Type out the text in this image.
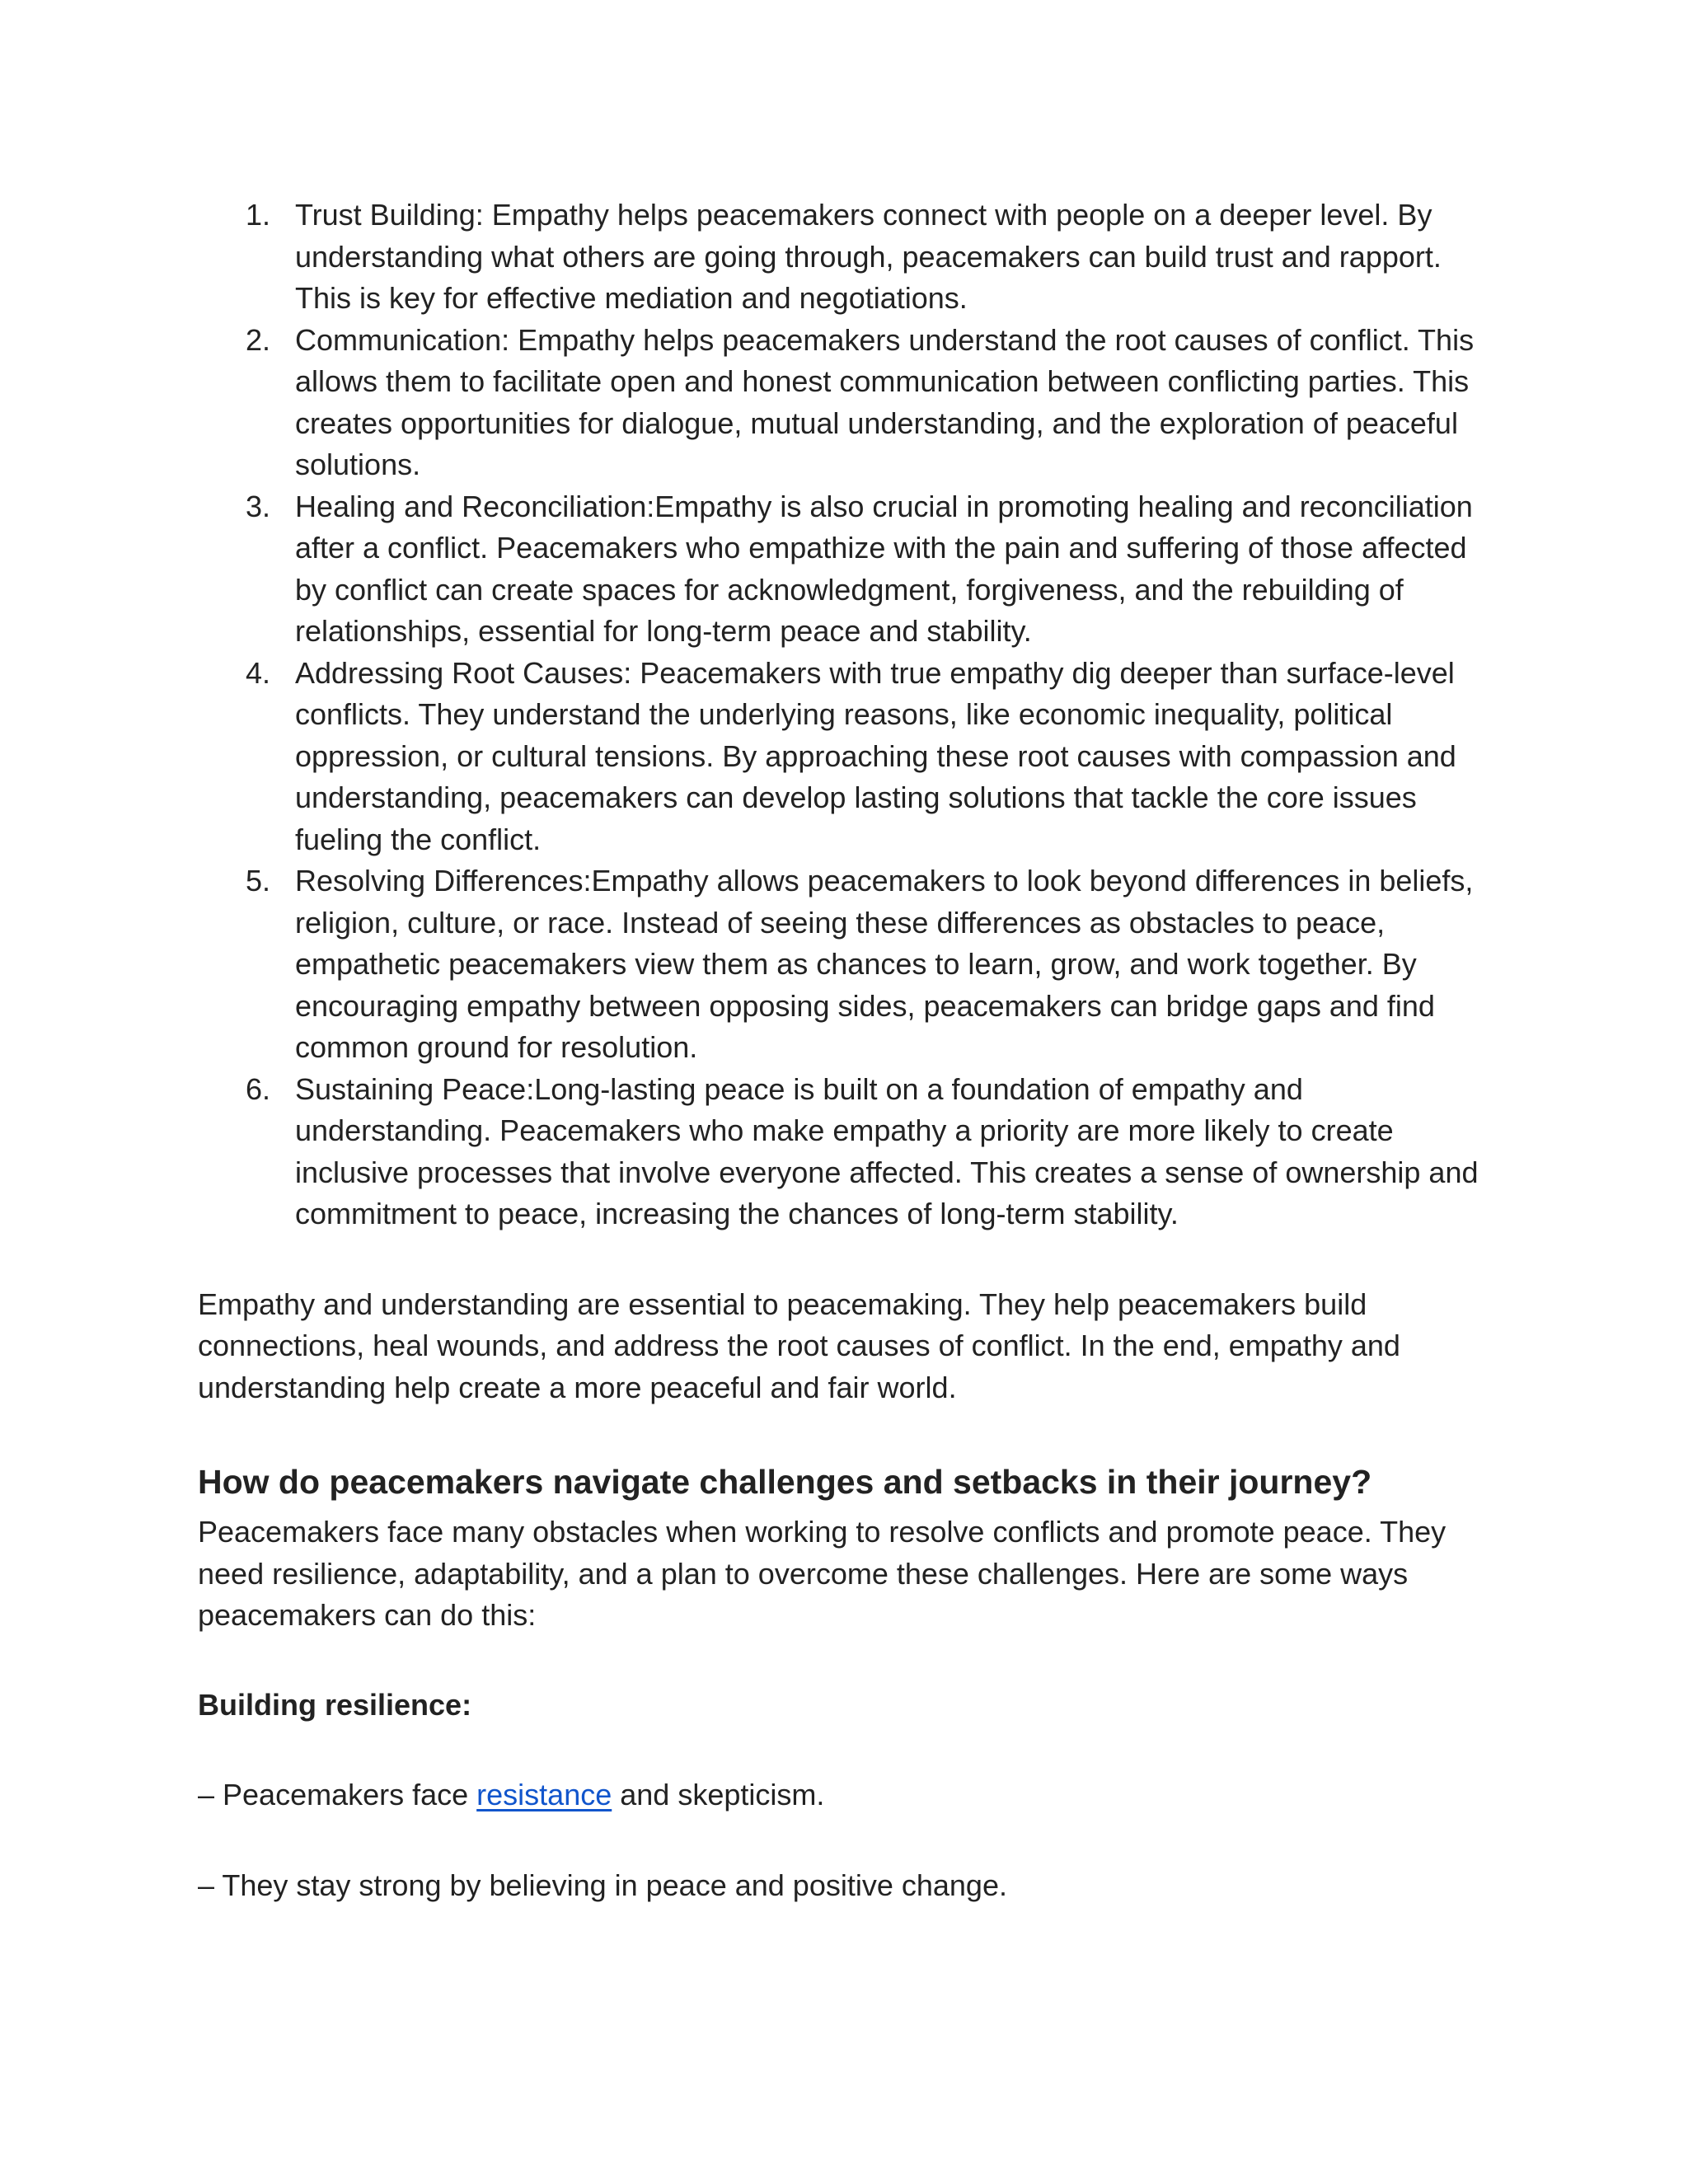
1. Trust Building: Empathy helps peacemakers connect with people on a deeper level. By understanding what others are going through, peacemakers can build trust and rapport. This is key for effective mediation and negotiations.
2. Communication: Empathy helps peacemakers understand the root causes of conflict. This allows them to facilitate open and honest communication between conflicting parties. This creates opportunities for dialogue, mutual understanding, and the exploration of peaceful solutions.
3. Healing and Reconciliation:Empathy is also crucial in promoting healing and reconciliation after a conflict. Peacemakers who empathize with the pain and suffering of those affected by conflict can create spaces for acknowledgment, forgiveness, and the rebuilding of relationships, essential for long-term peace and stability.
4. Addressing Root Causes: Peacemakers with true empathy dig deeper than surface-level conflicts. They understand the underlying reasons, like economic inequality, political oppression, or cultural tensions. By approaching these root causes with compassion and understanding, peacemakers can develop lasting solutions that tackle the core issues fueling the conflict.
5. Resolving Differences:Empathy allows peacemakers to look beyond differences in beliefs, religion, culture, or race. Instead of seeing these differences as obstacles to peace, empathetic peacemakers view them as chances to learn, grow, and work together. By encouraging empathy between opposing sides, peacemakers can bridge gaps and find common ground for resolution.
6. Sustaining Peace:Long-lasting peace is built on a foundation of empathy and understanding. Peacemakers who make empathy a priority are more likely to create inclusive processes that involve everyone affected. This creates a sense of ownership and commitment to peace, increasing the chances of long-term stability.

Empathy and understanding are essential to peacemaking. They help peacemakers build connections, heal wounds, and address the root causes of conflict. In the end, empathy and understanding help create a more peaceful and fair world.

How do peacemakers navigate challenges and setbacks in their journey?

Peacemakers face many obstacles when working to resolve conflicts and promote peace. They need resilience, adaptability, and a plan to overcome these challenges. Here are some ways peacemakers can do this:

Building resilience:

– Peacemakers face resistance and skepticism.

– They stay strong by believing in peace and positive change.
